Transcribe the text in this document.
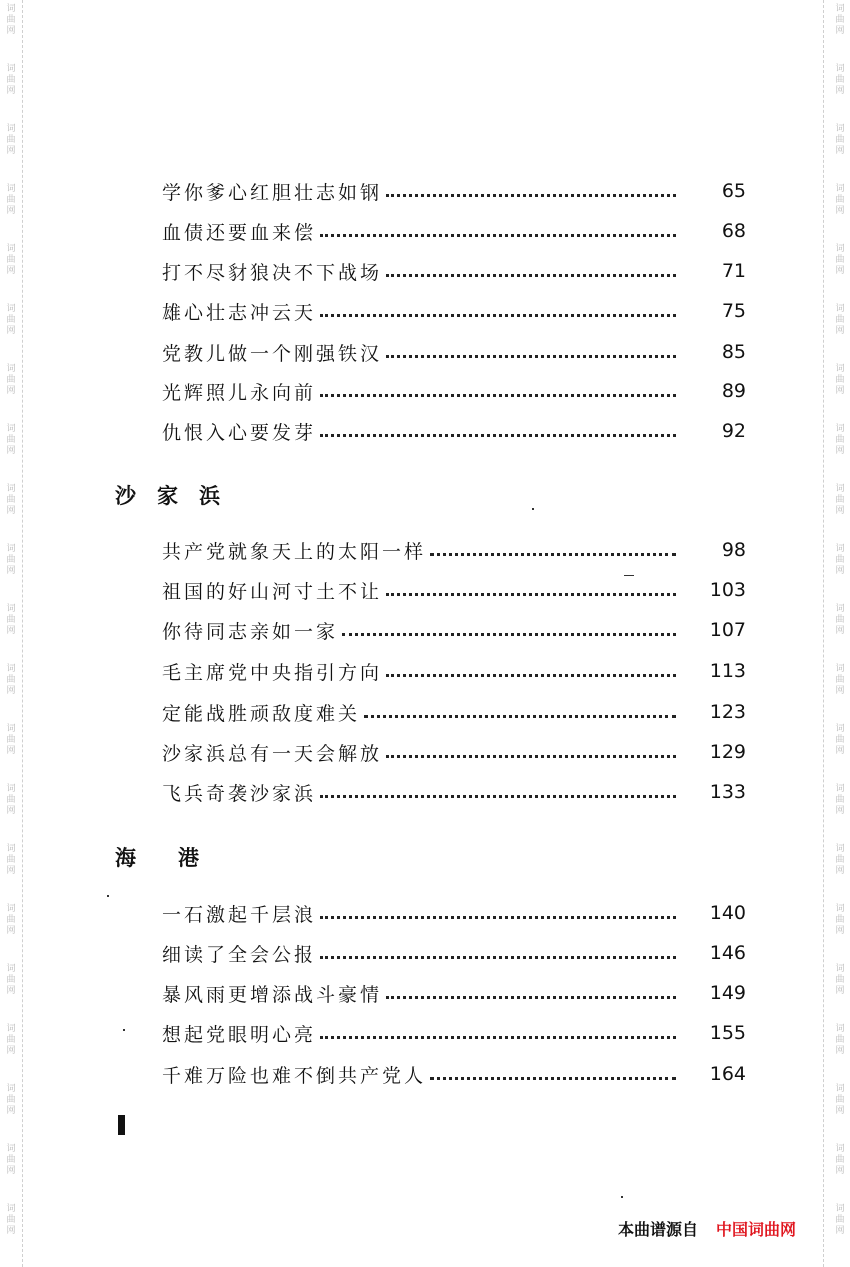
词
曲
网
词
曲
网
词
曲
网
词
曲
网
词
曲
网
词
曲
网
词
曲
网
词
曲
网
词
曲
网
词
曲
网
词
曲
网
词
曲
网
词
曲
网
词
曲
网
词
曲
网
词
曲
网
词
曲
网
词
曲
网
词
曲
网
词
曲
网
词
曲
网
词
曲
网
词
曲
网
词
曲
网
词
曲
网
词
曲
网
词
曲
网
词
曲
网
词
曲
网
词
曲
网
词
曲
网
词
曲
网
词
曲
网
词
曲
网
词
曲
网
词
曲
网
词
曲
网
词
曲
网
词
曲
网
词
曲
网
词
曲
网
词
曲
网
学你爹心红胆壮志如钢	65
血债还要血来偿	68
打不尽豺狼决不下战场	71
雄心壮志冲云天	75
党教儿做一个刚强铁汉	85
光辉照儿永向前	89
仇恨入心要发芽	92
沙　家　浜
共产党就象天上的太阳一样	98
祖国的好山河寸土不让	103
你待同志亲如一家	107
毛主席党中央指引方向	113
定能战胜顽敌度难关	123
沙家浜总有一天会解放	129
飞兵奇袭沙家浜	133
海　　港
一石激起千层浪	140
细读了全会公报	146
暴风雨更增添战斗豪情	149
想起党眼明心亮	155
千难万险也难不倒共产党人	164
本曲谱源自 中国词曲网
